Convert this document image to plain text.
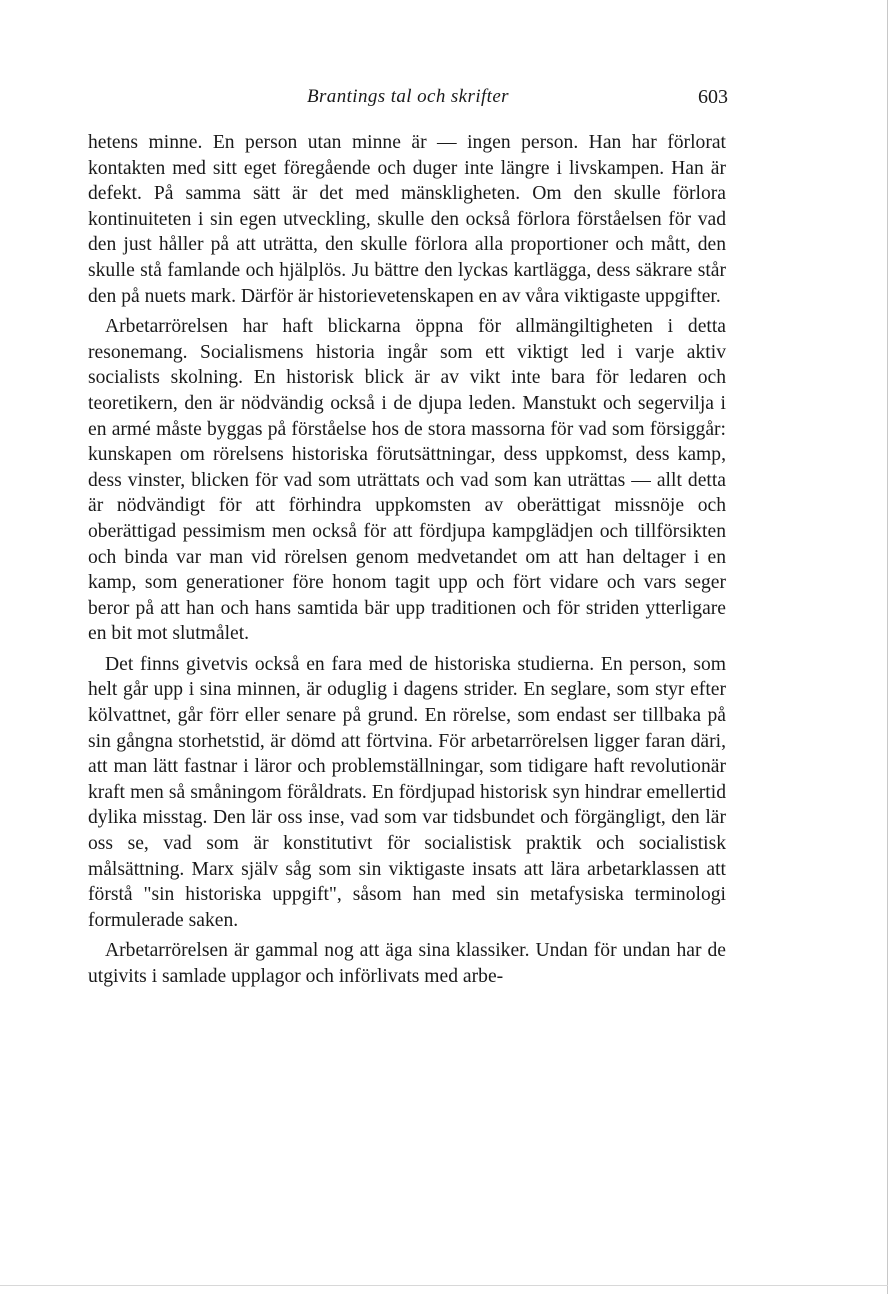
Brantings tal och skrifter	603

hetens minne. En person utan minne är — ingen person. Han har förlorat kontakten med sitt eget föregående och duger inte längre i livskampen. Han är defekt. På samma sätt är det med mänskligheten. Om den skulle förlora kontinuiteten i sin egen utveckling, skulle den också förlora förståelsen för vad den just håller på att uträtta, den skulle förlora alla proportioner och mått, den skulle stå famlande och hjälplös. Ju bättre den lyckas kartlägga, dess säkrare står den på nuets mark. Därför är historievetenskapen en av våra viktigaste uppgifter.

Arbetarrörelsen har haft blickarna öppna för allmängiltigheten i detta resonemang. Socialismens historia ingår som ett viktigt led i varje aktiv socialists skolning. En historisk blick är av vikt inte bara för ledaren och teoretikern, den är nödvändig också i de djupa leden. Manstukt och segervilja i en armé måste byggas på förståelse hos de stora massorna för vad som försiggår: kunskapen om rörelsens historiska förutsättningar, dess uppkomst, dess kamp, dess vinster, blicken för vad som uträttats och vad som kan uträttas — allt detta är nödvändigt för att förhindra uppkomsten av oberättigat missnöje och oberättigad pessimism men också för att fördjupa kampglädjen och tillförsikten och binda var man vid rörelsen genom medvetandet om att han deltager i en kamp, som generationer före honom tagit upp och fört vidare och vars seger beror på att han och hans samtida bär upp traditionen och för striden ytterligare en bit mot slutmålet.

Det finns givetvis också en fara med de historiska studierna. En person, som helt går upp i sina minnen, är oduglig i dagens strider. En seglare, som styr efter kölvattnet, går förr eller senare på grund. En rörelse, som endast ser tillbaka på sin gångna storhetstid, är dömd att förtvina. För arbetarrörelsen ligger faran däri, att man lätt fastnar i läror och problemställningar, som tidigare haft revolutionär kraft men så småningom föråldrats. En fördjupad historisk syn hindrar emellertid dylika misstag. Den lär oss inse, vad som var tidsbundet och förgängligt, den lär oss se, vad som är konstitutivt för socialistisk praktik och socialistisk målsättning. Marx själv såg som sin viktigaste insats att lära arbetarklassen att förstå "sin historiska uppgift", såsom han med sin metafysiska terminologi formulerade saken.

Arbetarrörelsen är gammal nog att äga sina klassiker. Undan för undan har de utgivits i samlade upplagor och införlivats med arbe-
